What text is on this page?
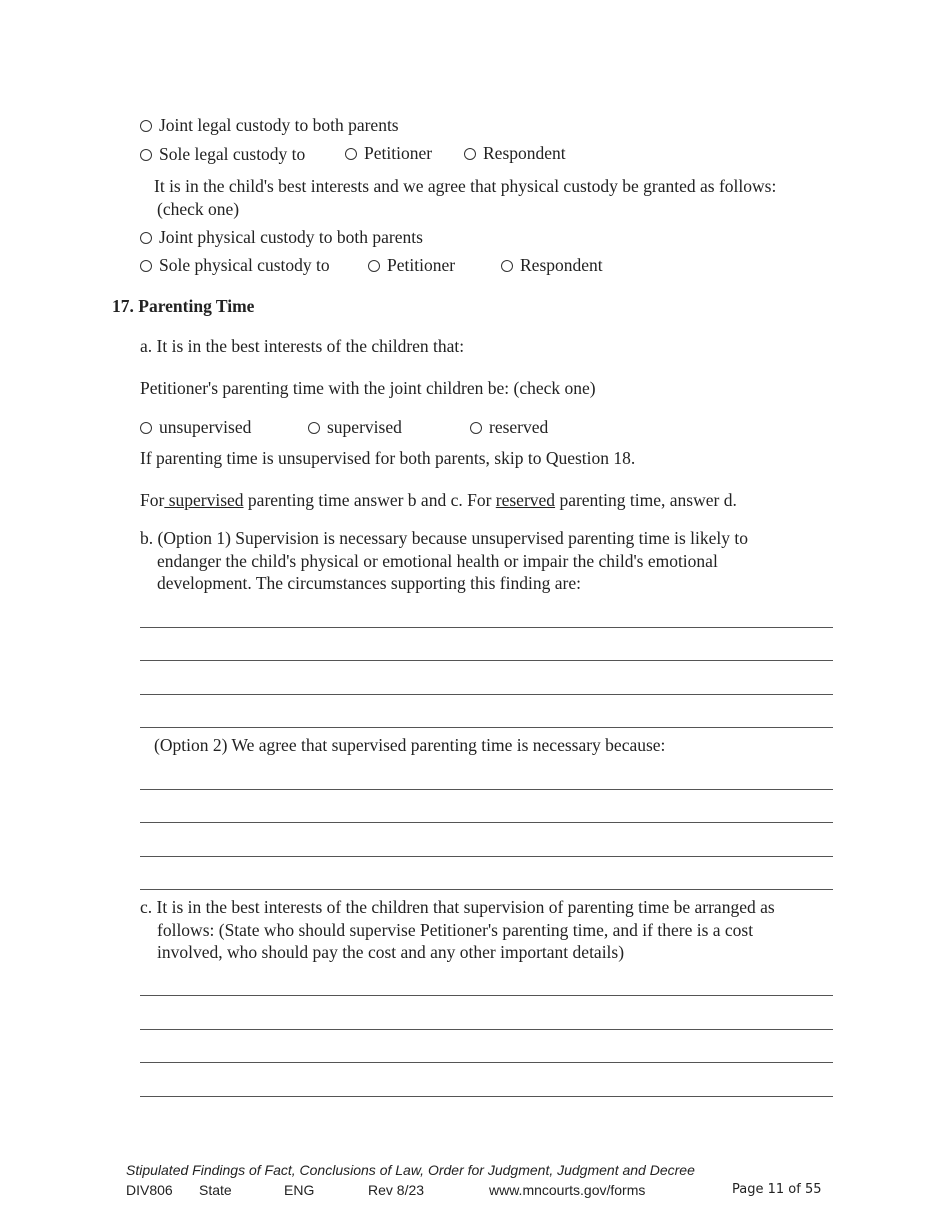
Joint legal custody to both parents
Sole legal custody to	Petitioner	Respondent
It is in the child's best interests and we agree that physical custody be granted as follows:
(check one)
Joint physical custody to both parents
Sole physical custody to	Petitioner	Respondent
17. Parenting Time
a. It is in the best interests of the children that:
Petitioner's parenting time with the joint children be: (check one)
unsupervised	supervised	reserved
If parenting time is unsupervised for both parents, skip to Question 18.
For supervised parenting time answer b and c. For reserved parenting time, answer d.
b. (Option 1) Supervision is necessary because unsupervised parenting time is likely to
endanger the child's physical or emotional health or impair the child's emotional
development. The circumstances supporting this finding are:
(Option 2) We agree that supervised parenting time is necessary because:
c. It is in the best interests of the children that supervision of parenting time be arranged as
follows: (State who should supervise Petitioner's parenting time, and if there is a cost
involved, who should pay the cost and any other important details)
Stipulated Findings of Fact, Conclusions of Law, Order for Judgment, Judgment and Decree
DIV806 State	ENG	Rev 8/23	www.mncourts.gov/forms	Page 11 of 55
